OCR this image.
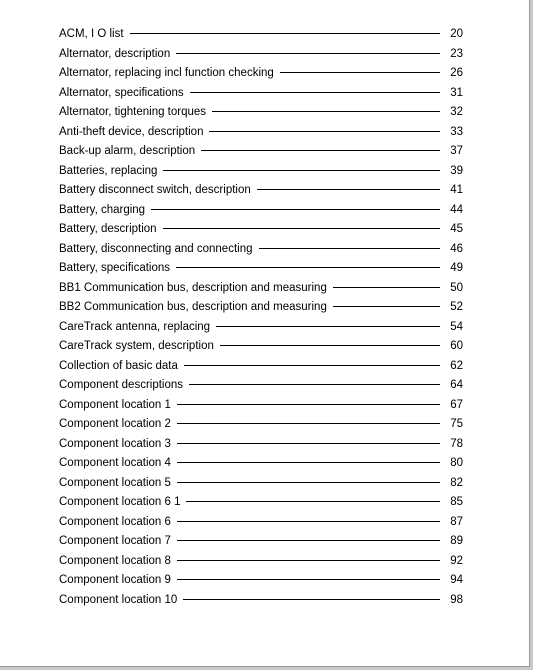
ACM, I O list	20
Alternator, description	23
Alternator, replacing incl function checking	26
Alternator, specifications	31
Alternator, tightening torques	32
Anti-theft device, description	33
Back-up alarm, description	37
Batteries, replacing	39
Battery disconnect switch, description	41
Battery, charging	44
Battery, description	45
Battery, disconnecting and connecting	46
Battery, specifications	49
BB1 Communication bus, description and measuring	50
BB2 Communication bus, description and measuring	52
CareTrack antenna, replacing	54
CareTrack system, description	60
Collection of basic data	62
Component descriptions	64
Component location 1	67
Component location 2	75
Component location 3	78
Component location 4	80
Component location 5	82
Component location 6 1	85
Component location 6	87
Component location 7	89
Component location 8	92
Component location 9	94
Component location 10	98
